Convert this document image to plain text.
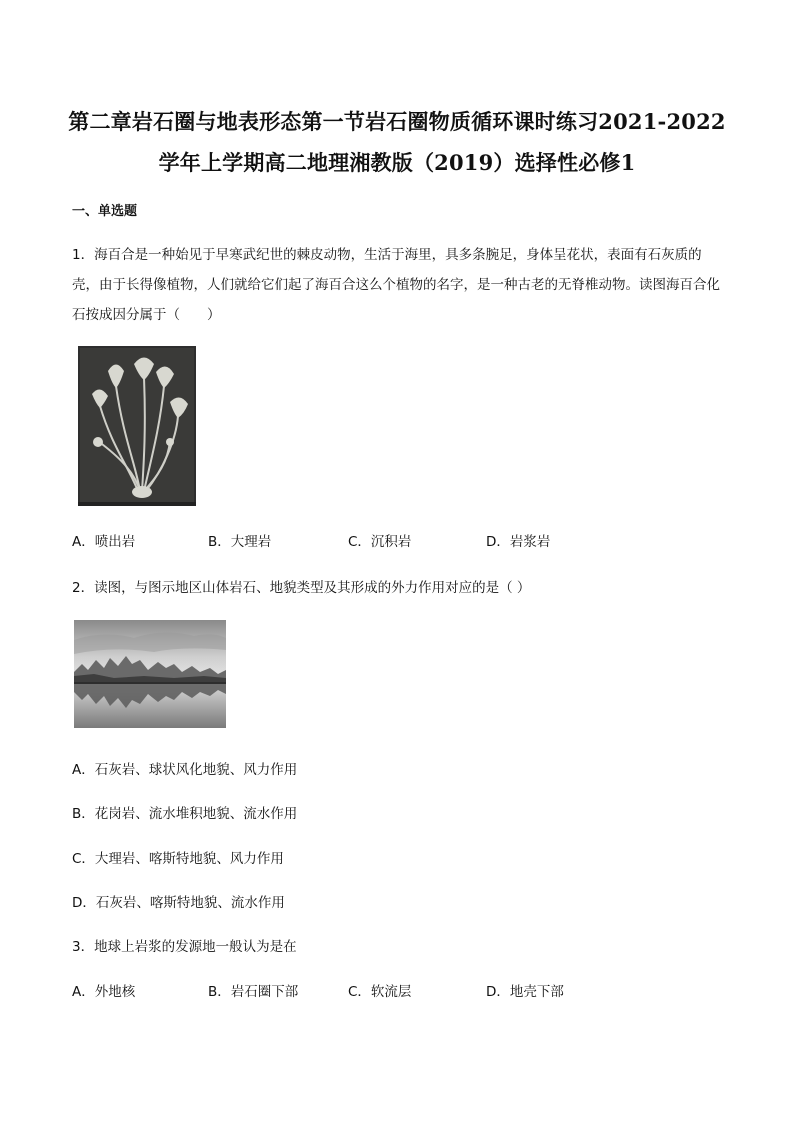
第二章岩石圈与地表形态第一节岩石圈物质循环课时练习2021-2022
学年上学期高二地理湘教版（2019）选择性必修1
一、单选题
1．海百合是一种始见于早寒武纪世的棘皮动物，生活于海里，具多条腕足，身体呈花状，表面有石灰质的壳，由于长得像植物，人们就给它们起了海百合这么个植物的名字，是一种古老的无脊椎动物。读图海百合化石按成因分属于（　　）
A．喷出岩	B．大理岩	C．沉积岩	D．岩浆岩
2．读图，与图示地区山体岩石、地貌类型及其形成的外力作用对应的是（ ）
A．石灰岩、球状风化地貌、风力作用
B．花岗岩、流水堆积地貌、流水作用
C．大理岩、喀斯特地貌、风力作用
D．石灰岩、喀斯特地貌、流水作用
3．地球上岩浆的发源地一般认为是在
A．外地核	B．岩石圈下部	C．软流层	D．地壳下部
